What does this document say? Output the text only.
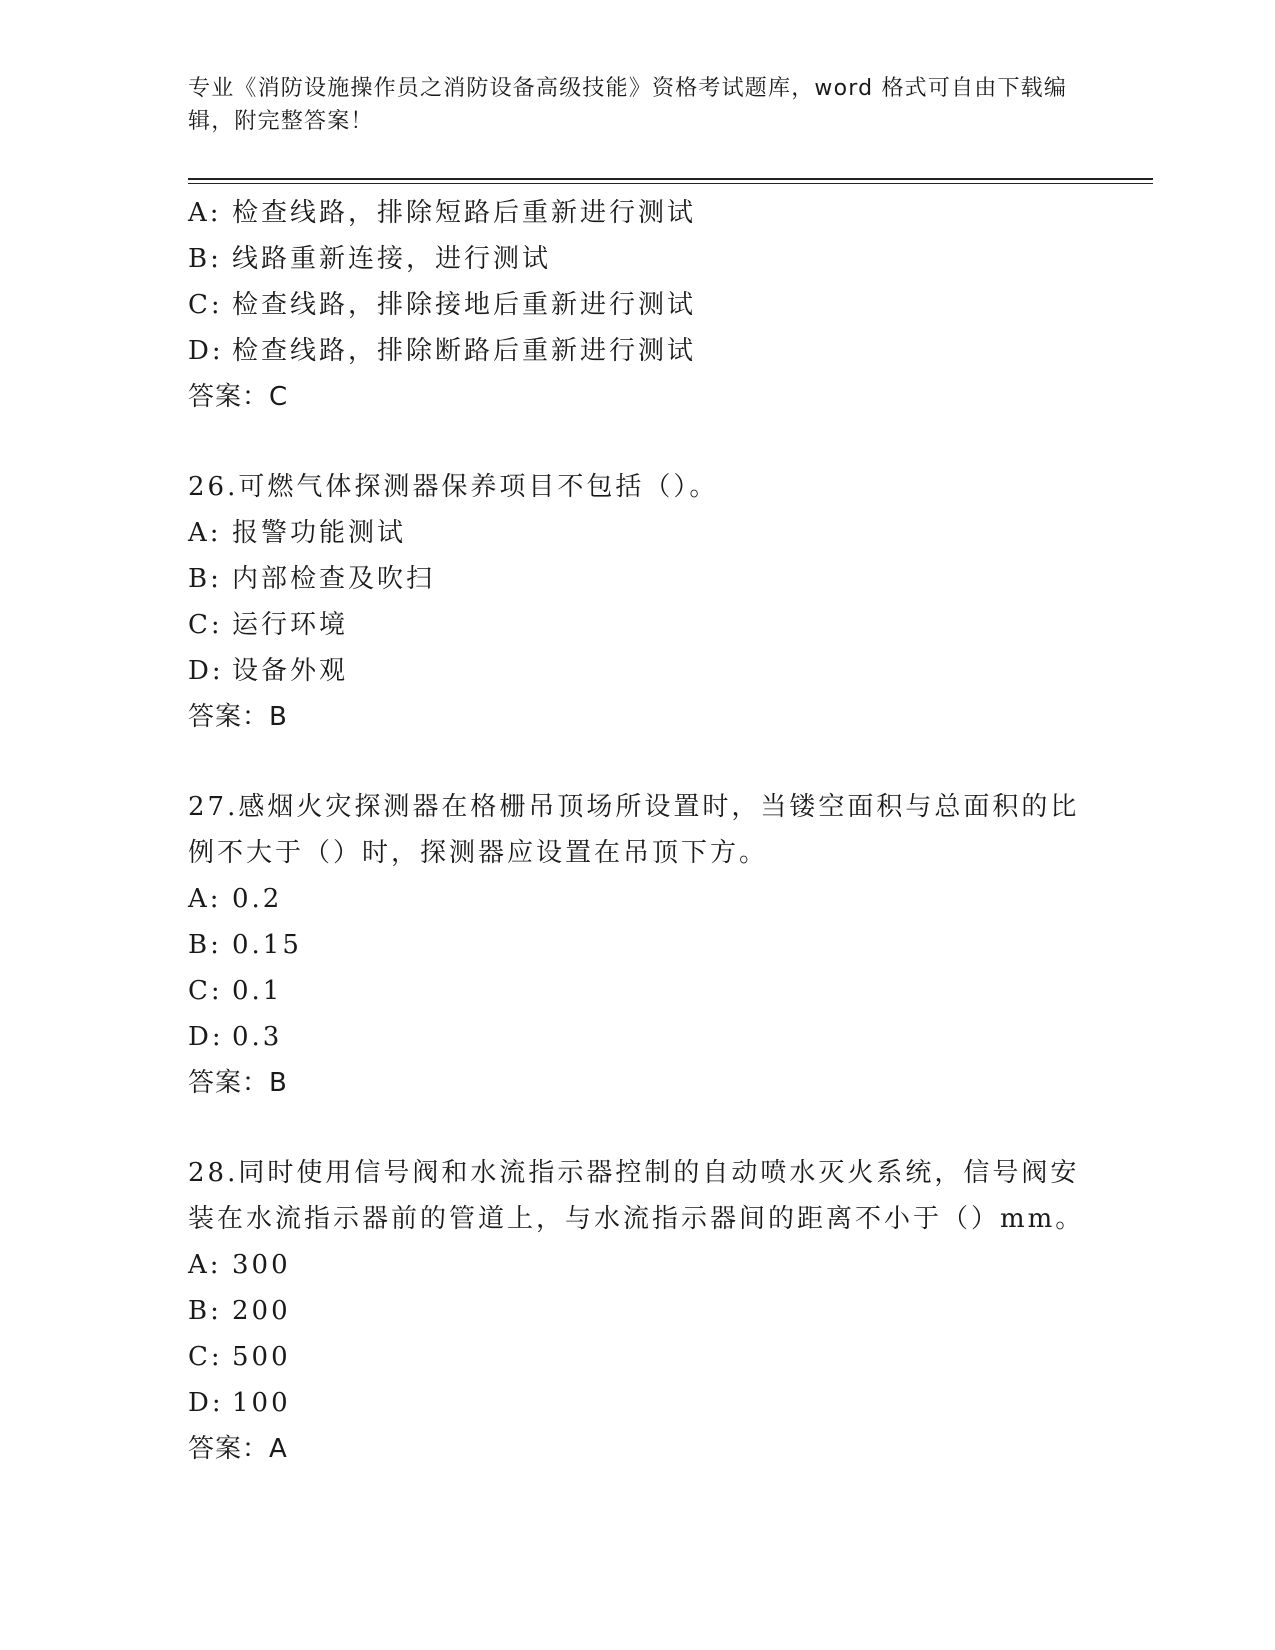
专业《消防设施操作员之消防设备高级技能》资格考试题库，word 格式可自由下载编辑，附完整答案！
A: 检查线路，排除短路后重新进行测试
B: 线路重新连接，进行测试
C: 检查线路，排除接地后重新进行测试
D: 检查线路，排除断路后重新进行测试
答案：C
26.可燃气体探测器保养项目不包括（）。
A: 报警功能测试
B: 内部检查及吹扫
C: 运行环境
D: 设备外观
答案：B
27.感烟火灾探测器在格栅吊顶场所设置时，当镂空面积与总面积的比
例不大于（）时，探测器应设置在吊顶下方。
A: 0.2
B: 0.15
C: 0.1
D: 0.3
答案：B
28.同时使用信号阀和水流指示器控制的自动喷水灭火系统，信号阀安
装在水流指示器前的管道上，与水流指示器间的距离不小于（）mm。
A: 300
B: 200
C: 500
D: 100
答案：A
